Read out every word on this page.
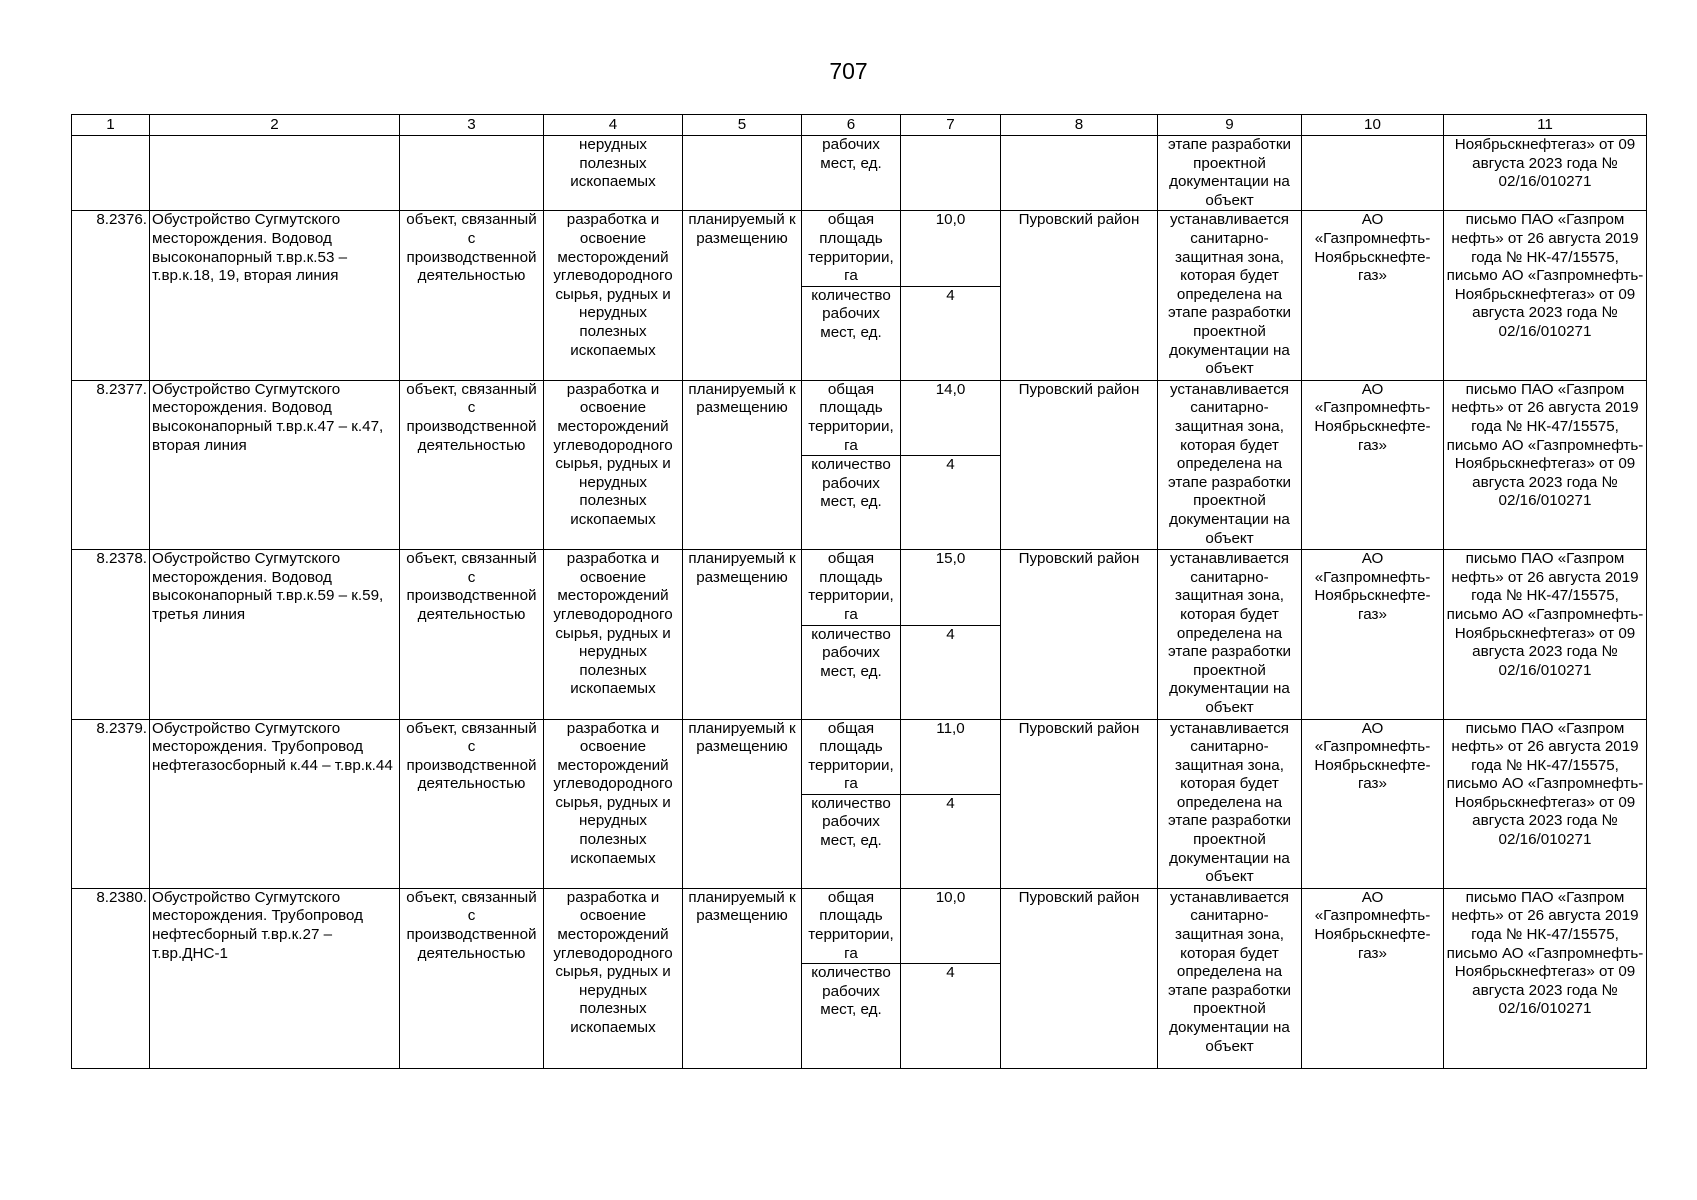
707
1	2	3	4	5	6	7	8	9	10	11
			нерудных полезных ископаемых		рабочих мест, ед.			этапе разработки проектной документации на объект		Ноябрьскнефтегаз» от 09 августа 2023 года № 02/16/010271
8.2376.	Обустройство Сугмутского месторождения. Водовод высоконапорный т.вр.к.53 – т.вр.к.18, 19, вторая линия	объект, связанный с производственной деятельностью	разработка и освоение месторождений углеводородного сырья, рудных и нерудных полезных ископаемых	планируемый к размещению	общая площадь территории, га	10,0	Пуровский район	устанавливается санитарно-защитная зона, которая будет определена на этапе разработки проектной документации на объект	АО «Газпромнефть-Ноябрьскнефте-газ»	письмо ПАО «Газпром нефть» от 26 августа 2019 года № НК-47/15575, письмо АО «Газпромнефть-Ноябрьскнефтегаз» от 09 августа 2023 года № 02/16/010271
					количество рабочих мест, ед.	4				
8.2377.	Обустройство Сугмутского месторождения. Водовод высоконапорный т.вр.к.47 – к.47, вторая линия	объект, связанный с производственной деятельностью	разработка и освоение месторождений углеводородного сырья, рудных и нерудных полезных ископаемых	планируемый к размещению	общая площадь территории, га	14,0	Пуровский район	устанавливается санитарно-защитная зона, которая будет определена на этапе разработки проектной документации на объект	АО «Газпромнефть-Ноябрьскнефте-газ»	письмо ПАО «Газпром нефть» от 26 августа 2019 года № НК-47/15575, письмо АО «Газпромнефть-Ноябрьскнефтегаз» от 09 августа 2023 года № 02/16/010271
					количество рабочих мест, ед.	4				
8.2378.	Обустройство Сугмутского месторождения. Водовод высоконапорный т.вр.к.59 – к.59, третья линия	объект, связанный с производственной деятельностью	разработка и освоение месторождений углеводородного сырья, рудных и нерудных полезных ископаемых	планируемый к размещению	общая площадь территории, га	15,0	Пуровский район	устанавливается санитарно-защитная зона, которая будет определена на этапе разработки проектной документации на объект	АО «Газпромнефть-Ноябрьскнефте-газ»	письмо ПАО «Газпром нефть» от 26 августа 2019 года № НК-47/15575, письмо АО «Газпромнефть-Ноябрьскнефтегаз» от 09 августа 2023 года № 02/16/010271
					количество рабочих мест, ед.	4				
8.2379.	Обустройство Сугмутского месторождения. Трубопровод нефтегазосборный к.44 – т.вр.к.44	объект, связанный с производственной деятельностью	разработка и освоение месторождений углеводородного сырья, рудных и нерудных полезных ископаемых	планируемый к размещению	общая площадь территории, га	11,0	Пуровский район	устанавливается санитарно-защитная зона, которая будет определена на этапе разработки проектной документации на объект	АО «Газпромнефть-Ноябрьскнефте-газ»	письмо ПАО «Газпром нефть» от 26 августа 2019 года № НК-47/15575, письмо АО «Газпромнефть-Ноябрьскнефтегаз» от 09 августа 2023 года № 02/16/010271
					количество рабочих мест, ед.	4				
8.2380.	Обустройство Сугмутского месторождения. Трубопровод нефтесборный т.вр.к.27 – т.вр.ДНС-1	объект, связанный с производственной деятельностью	разработка и освоение месторождений углеводородного сырья, рудных и нерудных полезных ископаемых	планируемый к размещению	общая площадь территории, га	10,0	Пуровский район	устанавливается санитарно-защитная зона, которая будет определена на этапе разработки проектной документации на объект	АО «Газпромнефть-Ноябрьскнефте-газ»	письмо ПАО «Газпром нефть» от 26 августа 2019 года № НК-47/15575, письмо АО «Газпромнефть-Ноябрьскнефтегаз» от 09 августа 2023 года № 02/16/010271
					количество рабочих мест, ед.	4				
